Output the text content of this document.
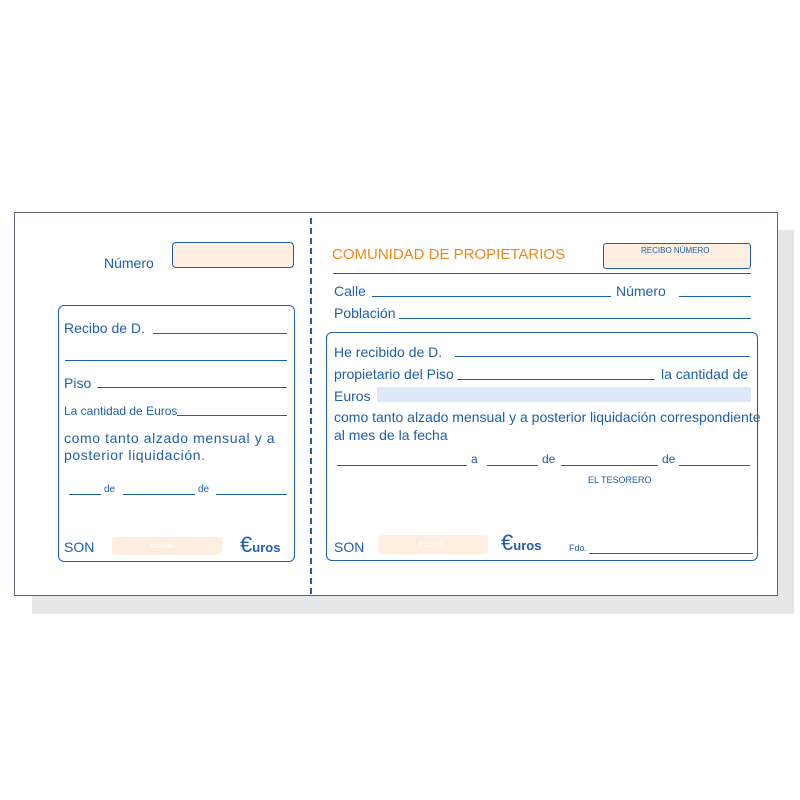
Número
Recibo de D.
Piso
La cantidad de Euros
como tanto alzado mensual y a
posterior liquidación.
de	de
SON	euros	€uros
COMUNIDAD DE PROPIETARIOS	RECIBO NÚMERO
Calle	Número
Población
He recibido de D.
propietario del Piso	la cantidad de
Euros
como tanto alzado mensual y a posterior liquidación correspondiente
al mes de la fecha
a	de	de
EL TESORERO
SON	euros	€uros	Fdo.
